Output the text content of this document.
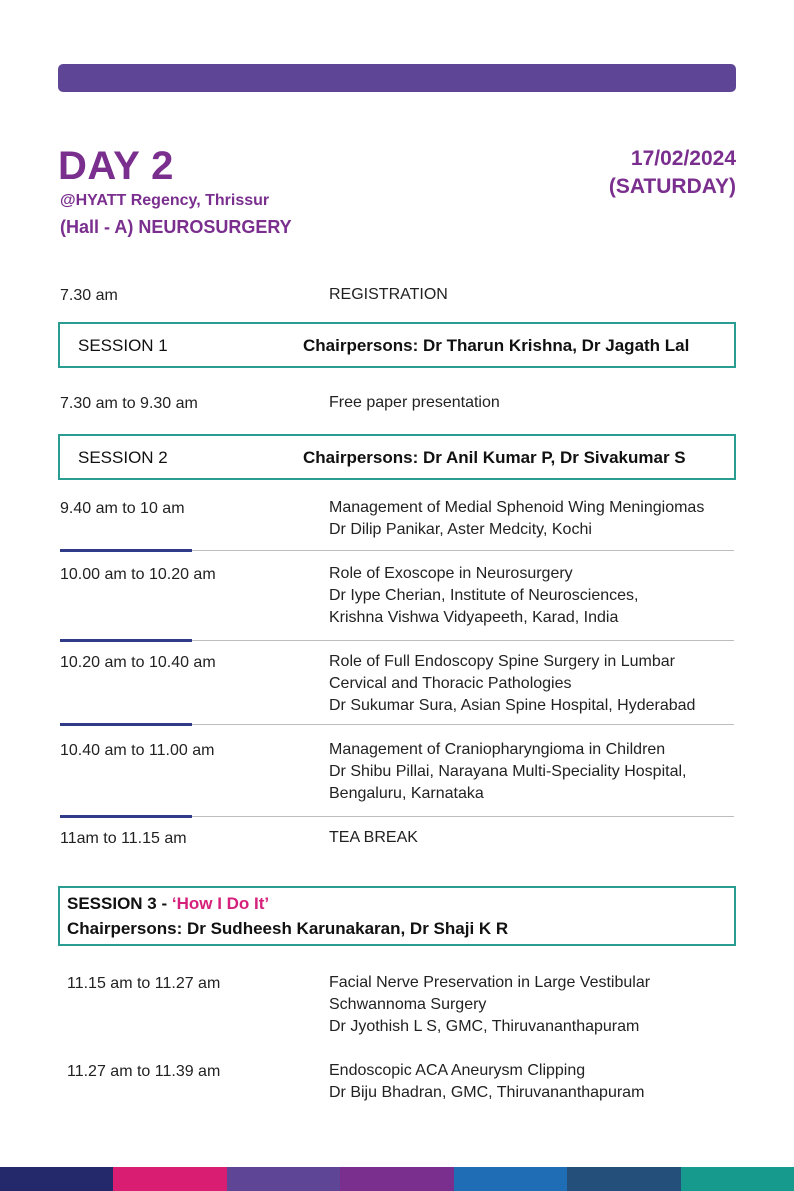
DAY 2
@HYATT Regency, Thrissur
(Hall - A) NEUROSURGERY
17/02/2024
(SATURDAY)
7.30 am	REGISTRATION
SESSION 1	Chairpersons: Dr Tharun Krishna, Dr Jagath Lal
7.30 am to 9.30 am	Free paper presentation
SESSION 2	Chairpersons: Dr Anil Kumar P, Dr Sivakumar S
9.40 am to 10 am	Management of Medial Sphenoid Wing Meningiomas
Dr Dilip Panikar, Aster Medcity, Kochi
10.00 am to 10.20 am	Role of Exoscope in Neurosurgery
Dr Iype Cherian, Institute of Neurosciences,
Krishna Vishwa Vidyapeeth, Karad, India
10.20 am to 10.40 am	Role of Full Endoscopy Spine Surgery in Lumbar
Cervical and Thoracic Pathologies
Dr Sukumar Sura, Asian Spine Hospital, Hyderabad
10.40 am to 11.00 am	Management of Craniopharyngioma in Children
Dr Shibu Pillai, Narayana Multi-Speciality Hospital,
Bengaluru, Karnataka
11am to 11.15 am	TEA BREAK
SESSION 3 - ‘How I Do It’
Chairpersons: Dr Sudheesh Karunakaran, Dr Shaji K R
11.15 am to 11.27 am	Facial Nerve Preservation in Large Vestibular
Schwannoma Surgery
Dr Jyothish L S, GMC, Thiruvananthapuram
11.27 am to 11.39 am	Endoscopic ACA Aneurysm Clipping
Dr Biju Bhadran, GMC, Thiruvananthapuram
